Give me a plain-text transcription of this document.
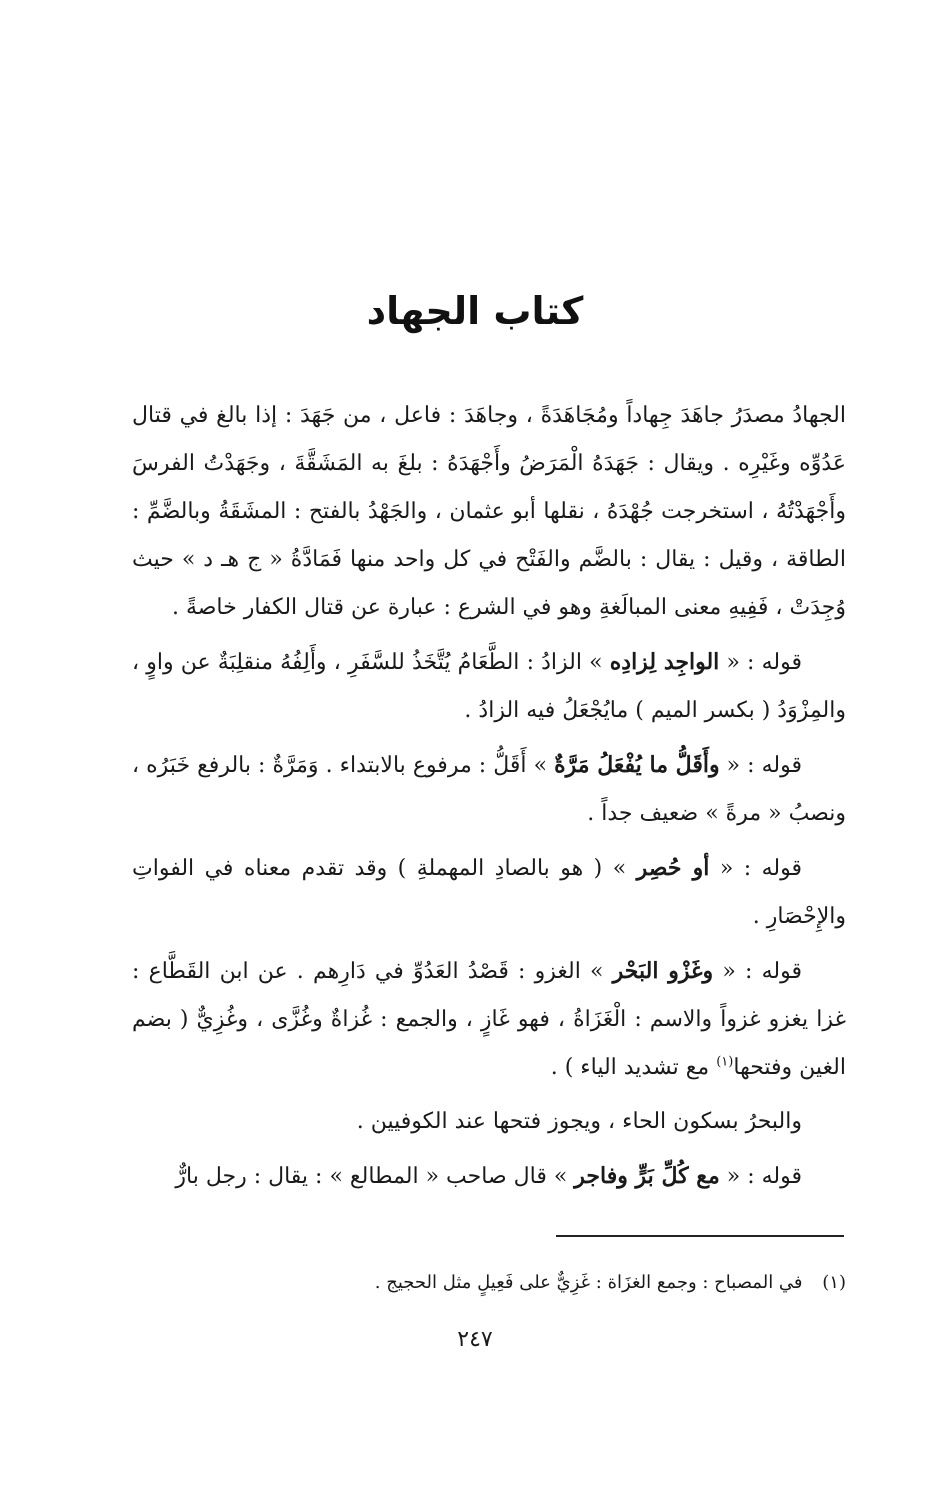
كتاب الجهاد

الجهادُ مصدَرُ جاهَدَ جِهاداً ومُجَاهَدَةً ، وجاهَدَ : فاعل ، من جَهَدَ : إذا بالغ في قتال عَدُوِّه وغَيْرِه . ويقال : جَهَدَهُ الْمَرَضُ وأَجْهَدَهُ : بلغَ به المَشَقَّةَ ، وجَهَدْتُ الفرسَ وأَجْهَدْتُهُ ، استخرجت جُهْدَهُ ، نقلها أبو عثمان ، والجَهْدُ بالفتح : المشَقَةُ وبالضَّمِّ : الطاقة ، وقيل : يقال : بالضَّم والفَتْح في كل واحد منها فَمَادَّةُ « ج هـ د » حيث وُجِدَتْ ، فَفِيهِ معنى المبالَغةِ وهو في الشرع : عبارة عن قتال الكفار خاصةً .

قوله : « الواجِد لِزادِه » الزادُ : الطَّعَامُ يُتَّخَذُ للسَّفَرِ ، وأَلِفُهُ منقلِبَةٌ عن واوٍ ، والمِزْوَدُ ( بكسر الميم ) مايُجْعَلُ فيه الزادُ .

قوله : « وأَقَلُّ ما يُفْعَلُ مَرَّةٌ » أَقَلُّ : مرفوع بالابتداء . وَمَرَّةٌ : بالرفع خَبَرُه ، ونصبُ « مرةً » ضعيف جداً .

قوله : « أو حُصِر » ( هو بالصادِ المهملةِ ) وقد تقدم معناه في الفواتِ والإِحْصَارِ .

قوله : « وغَزْو البَحْر » الغزو : قَصْدُ العَدُوِّ في دَارِهم . عن ابن القَطَّاع : غزا يغزو غزواً والاسم : الْغَزَاةُ ، فهو غَازٍ ، والجمع : غُزاةٌ وغُزَّى ، وغُزِيٌّ ( بضم الغين وفتحها$^{(١)}$ مع تشديد الياء ) .

والبحرُ بسكون الحاء ، ويجوز فتحها عند الكوفيين .

قوله : « مع كُلِّ بَرٍّ وفاجر » قال صاحب « المطالع » : يقال : رجل بارٌّ

(١) في المصباح : وجمع الغزَاة : غَزِيٌّ على فَعِيلٍ مثل الحجيج .
٢٤٧
